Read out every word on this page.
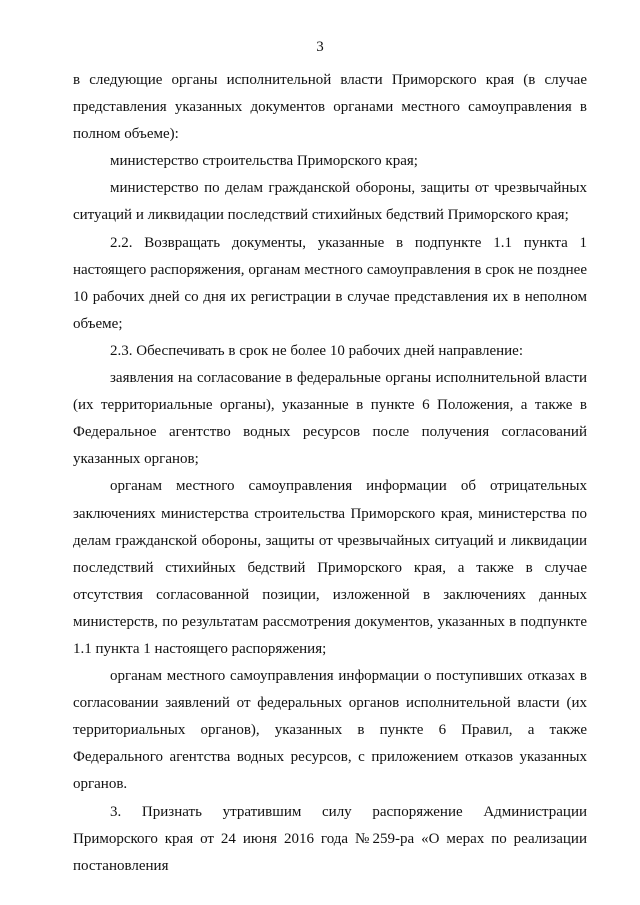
3

в следующие органы исполнительной власти Приморского края (в случае представления указанных документов органами местного самоуправления в полном объеме):

министерство строительства Приморского края;

министерство по делам гражданской обороны, защиты от чрезвычайных ситуаций и ликвидации последствий стихийных бедствий Приморского края;

2.2. Возвращать документы, указанные в подпункте 1.1 пункта 1 настоящего распоряжения, органам местного самоуправления в срок не позднее 10 рабочих дней со дня их регистрации в случае представления их в неполном объеме;

2.3. Обеспечивать в срок не более 10 рабочих дней направление:

заявления на согласование в федеральные органы исполнительной власти (их территориальные органы), указанные в пункте 6 Положения, а также в Федеральное агентство водных ресурсов после получения согласований указанных органов;

органам местного самоуправления информации об отрицательных заключениях министерства строительства Приморского края, министерства по делам гражданской обороны, защиты от чрезвычайных ситуаций и ликвидации последствий стихийных бедствий Приморского края, а также в случае отсутствия согласованной позиции, изложенной в заключениях данных министерств, по результатам рассмотрения документов, указанных в подпункте 1.1 пункта 1 настоящего распоряжения;

органам местного самоуправления информации о поступивших отказах в согласовании заявлений от федеральных органов исполнительной власти (их территориальных органов), указанных в пункте 6 Правил, а также Федерального агентства водных ресурсов, с приложением отказов указанных органов.

3. Признать утратившим силу распоряжение Администрации Приморского края от 24 июня 2016 года №259-ра «О мерах по реализации постановления
